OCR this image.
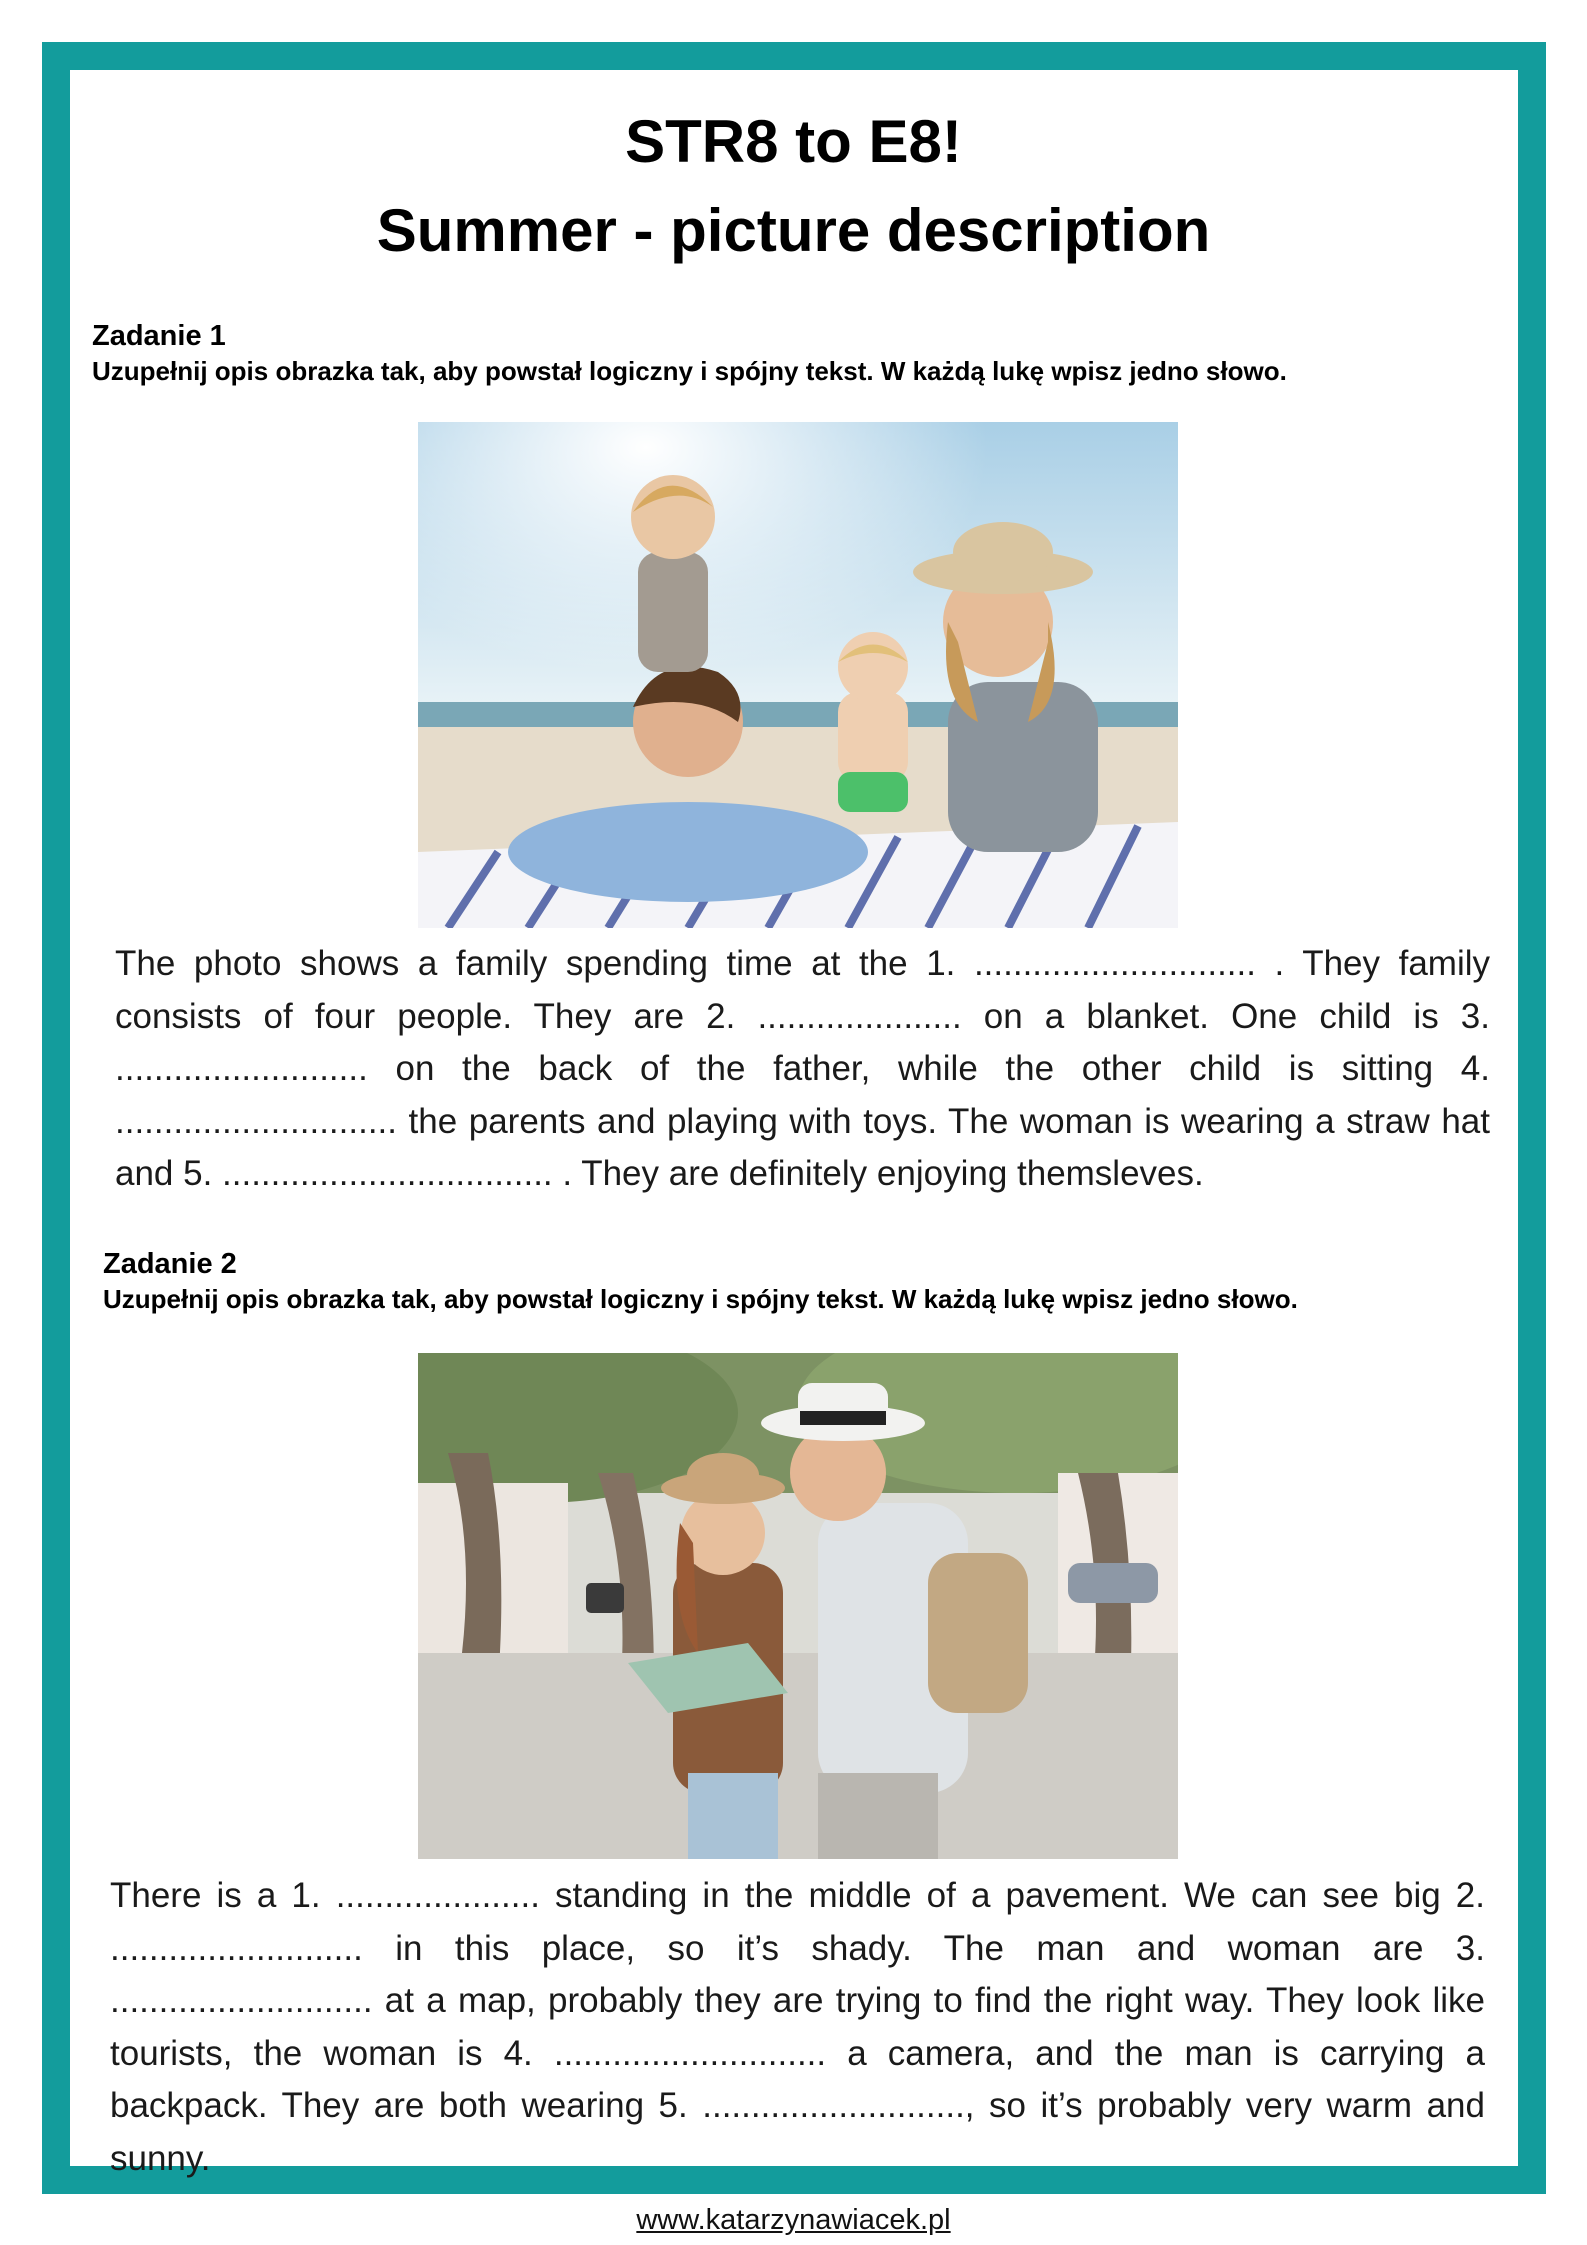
STR8 to E8!
Summer - picture description
Zadanie 1
Uzupełnij opis obrazka tak, aby powstał logiczny i spójny tekst. W każdą lukę wpisz jedno słowo.

The photo shows a family spending time at the 1. ............................. . They family consists of four people. They are 2. ..................... on a blanket. One child is 3. .......................... on the back of the father, while the other child is sitting 4. ............................. the parents and playing with toys. The woman is wearing a straw hat and 5. .................................. . They are definitely enjoying themsleves.

Zadanie 2
Uzupełnij opis obrazka tak, aby powstał logiczny i spójny tekst. W każdą lukę wpisz jedno słowo.

There is a 1. ..................... standing in the middle of a pavement. We can see big 2. .......................... in this place, so it’s shady. The man and woman are 3. ........................... at a map, probably they are trying to find the right way. They look like tourists, the woman is 4. ............................ a camera, and the man is carrying a backpack. They are both wearing 5. ..........................., so it’s probably very warm and sunny.

www.katarzynawiacek.pl
